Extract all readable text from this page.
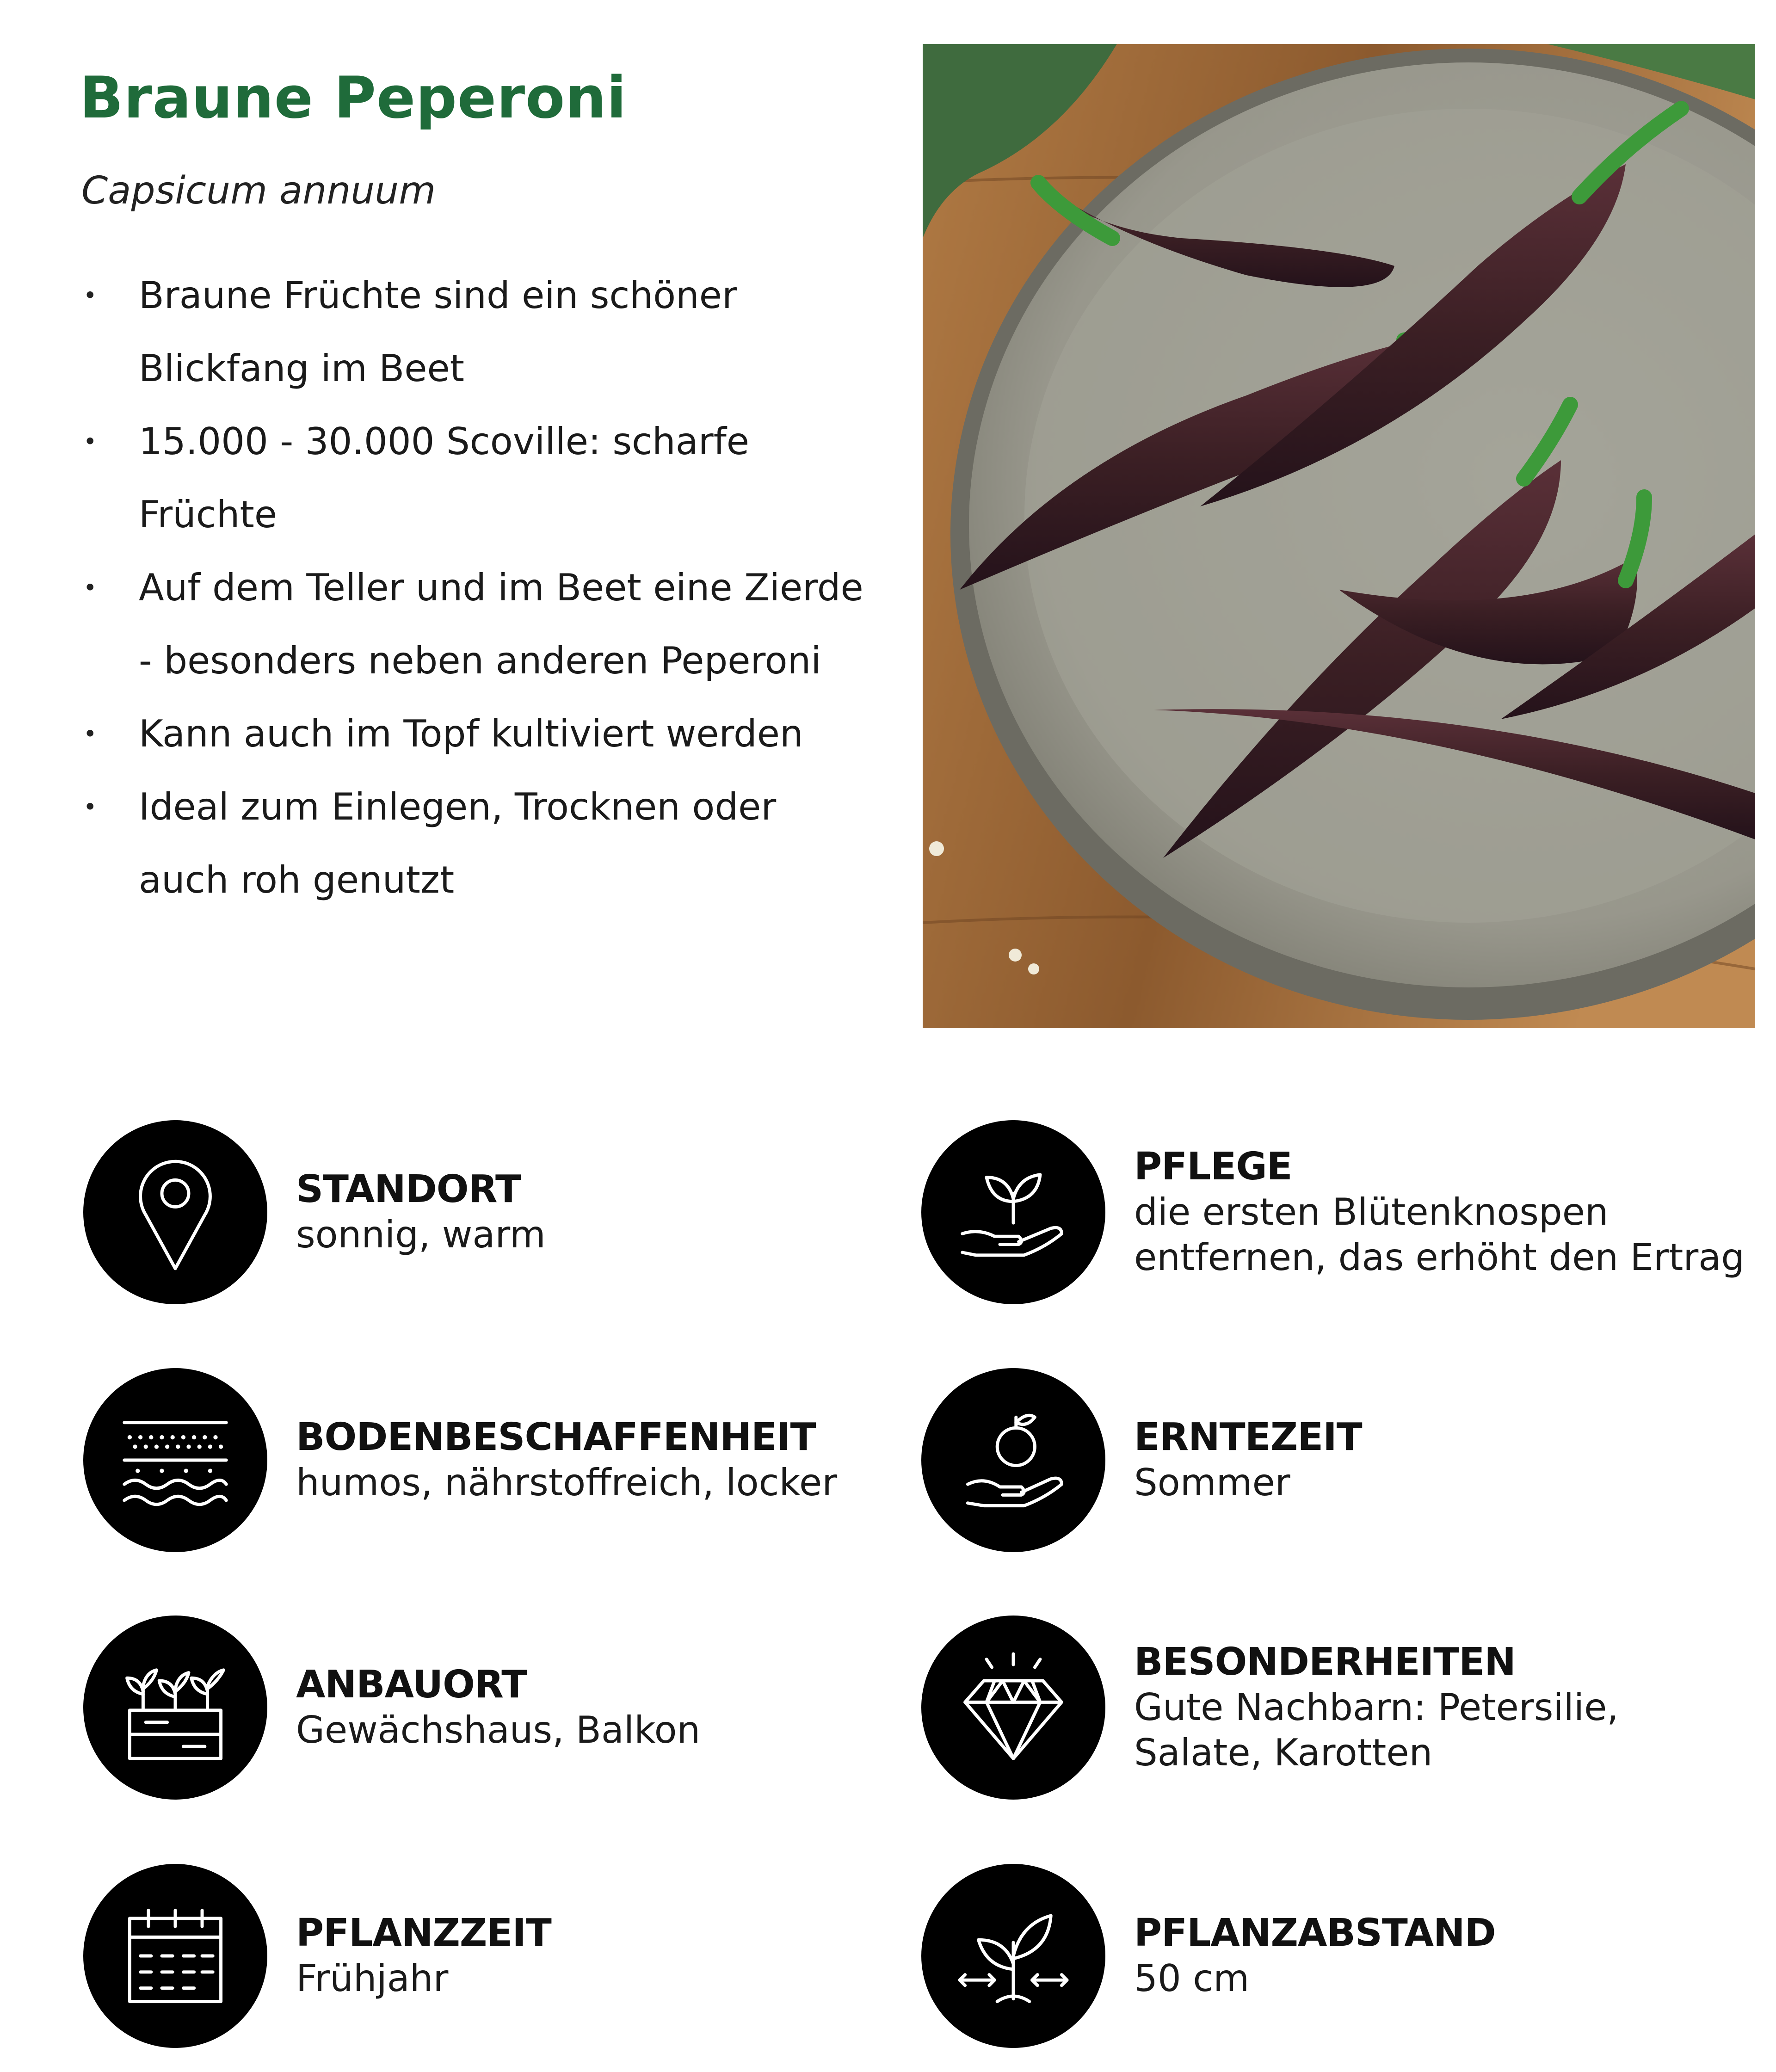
Braune Peperoni

Capsicum annuum

• Braune Früchte sind ein schöner Blickfang im Beet
• 15.000 - 30.000 Scoville: scharfe Früchte
• Auf dem Teller und im Beet eine Zierde - besonders neben anderen Peperoni
• Kann auch im Topf kultiviert werden
• Ideal zum Einlegen, Trocknen oder auch roh genutzt
STANDORT
sonnig, warm
BODENBESCHAFFENHEIT
humos, nährstoffreich, locker
ANBAUORT
Gewächshaus, Balkon
PFLANZZEIT
Frühjahr
PFLEGE
die ersten Blütenknospen
entfernen, das erhöht den Ertrag
ERNTEZEIT
Sommer
BESONDERHEITEN
Gute Nachbarn: Petersilie,
Salate, Karotten
PFLANZABSTAND
50 cm
